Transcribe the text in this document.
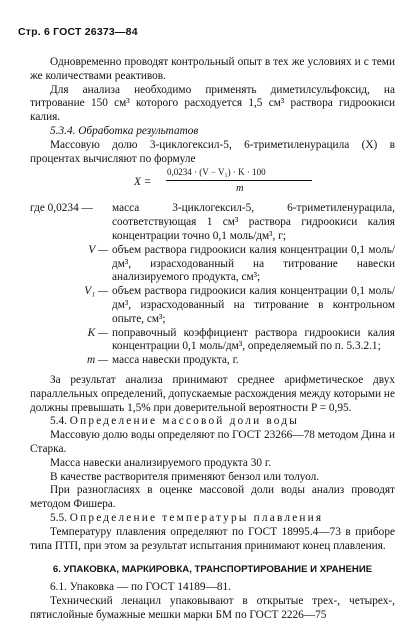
Стр. 6 ГОСТ 26373—84

Одновременно проводят контрольный опыт в тех же условиях и с теми же количествами реактивов.

Для анализа необходимо применять диметилсульфоксид, на титрование 150 см³ которого расходуется 1,5 см³ раствора гидроокиси калия.

5.3.4. Обработка результатов

Массовую долю 3-циклогексил-5, 6-триметиленурацила (X) в процентах вычисляют по формуле

X =
0,0234 · (V − V₁) · K · 100
m
где 0,0234 —	масса 3-циклогексил-5, 6-триметиленурацила, соответствующая 1 см³ раствора гидроокиси калия концентрации точно 0,1 моль/дм³, г;
V — объем раствора гидроокиси калия концентрации 0,1 моль/дм³, израсходованный на титрование навески анализируемого продукта, см³;
V₁ — объем раствора гидроокиси калия концентрации 0,1 моль/дм³, израсходованный на титрование в контрольном опыте, см³;
K — поправочный коэффициент раствора гидроокиси калия концентрации 0,1 моль/дм³, определяемый по п. 5.3.2.1;
m — масса навески продукта, г.

За результат анализа принимают среднее арифметическое двух параллельных определений, допускаемые расхождения между которыми не должны превышать 1,5% при доверительной вероятности P = 0,95.

5.4. Определение массовой доли воды

Массовую долю воды определяют по ГОСТ 23266—78 методом Дина и Старка.

Масса навески анализируемого продукта 30 г.

В качестве растворителя применяют бензол или толуол.

При разногласиях в оценке массовой доли воды анализ проводят методом Фишера.

5.5. Определение температуры плавления

Температуру плавления определяют по ГОСТ 18995.4—73 в приборе типа ПТП, при этом за результат испытания принимают конец плавления.

6. УПАКОВКА, МАРКИРОВКА, ТРАНСПОРТИРОВАНИЕ И ХРАНЕНИЕ

6.1. Упаковка — по ГОСТ 14189—81.

Технический ленацил упаковывают в открытые трех-, четырех-, пятислойные бумажные мешки марки БМ по ГОСТ 2226—75
